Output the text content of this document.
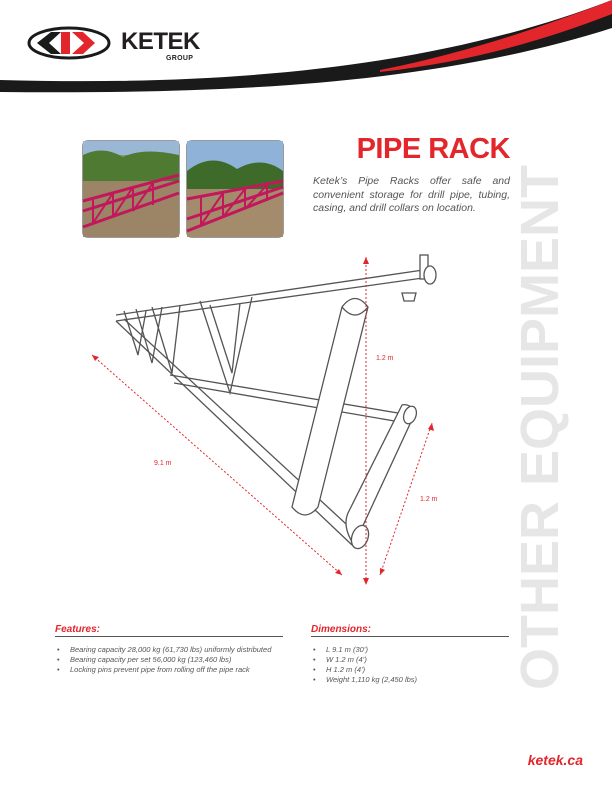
KETEK
GROUP
PIPE RACK
Ketek’s Pipe Racks offer safe and convenient storage for drill pipe, tubing, casing, and drill collars on location. OTHER EQUIPMENT
1.2 m
9.1 m
1.2 m
Features:
• Bearing capacity 28,000 kg (61,730 lbs) uniformly distributed
• Bearing capacity per set 56,000 kg (123,460 lbs)
• Locking pins prevent pipe from rolling off the pipe rack
Dimensions:
• L 9.1 m (30’)
• W 1.2 m (4’)
• H 1.2 m (4’)
• Weight 1,110 kg (2,450 lbs)
ketek.ca
